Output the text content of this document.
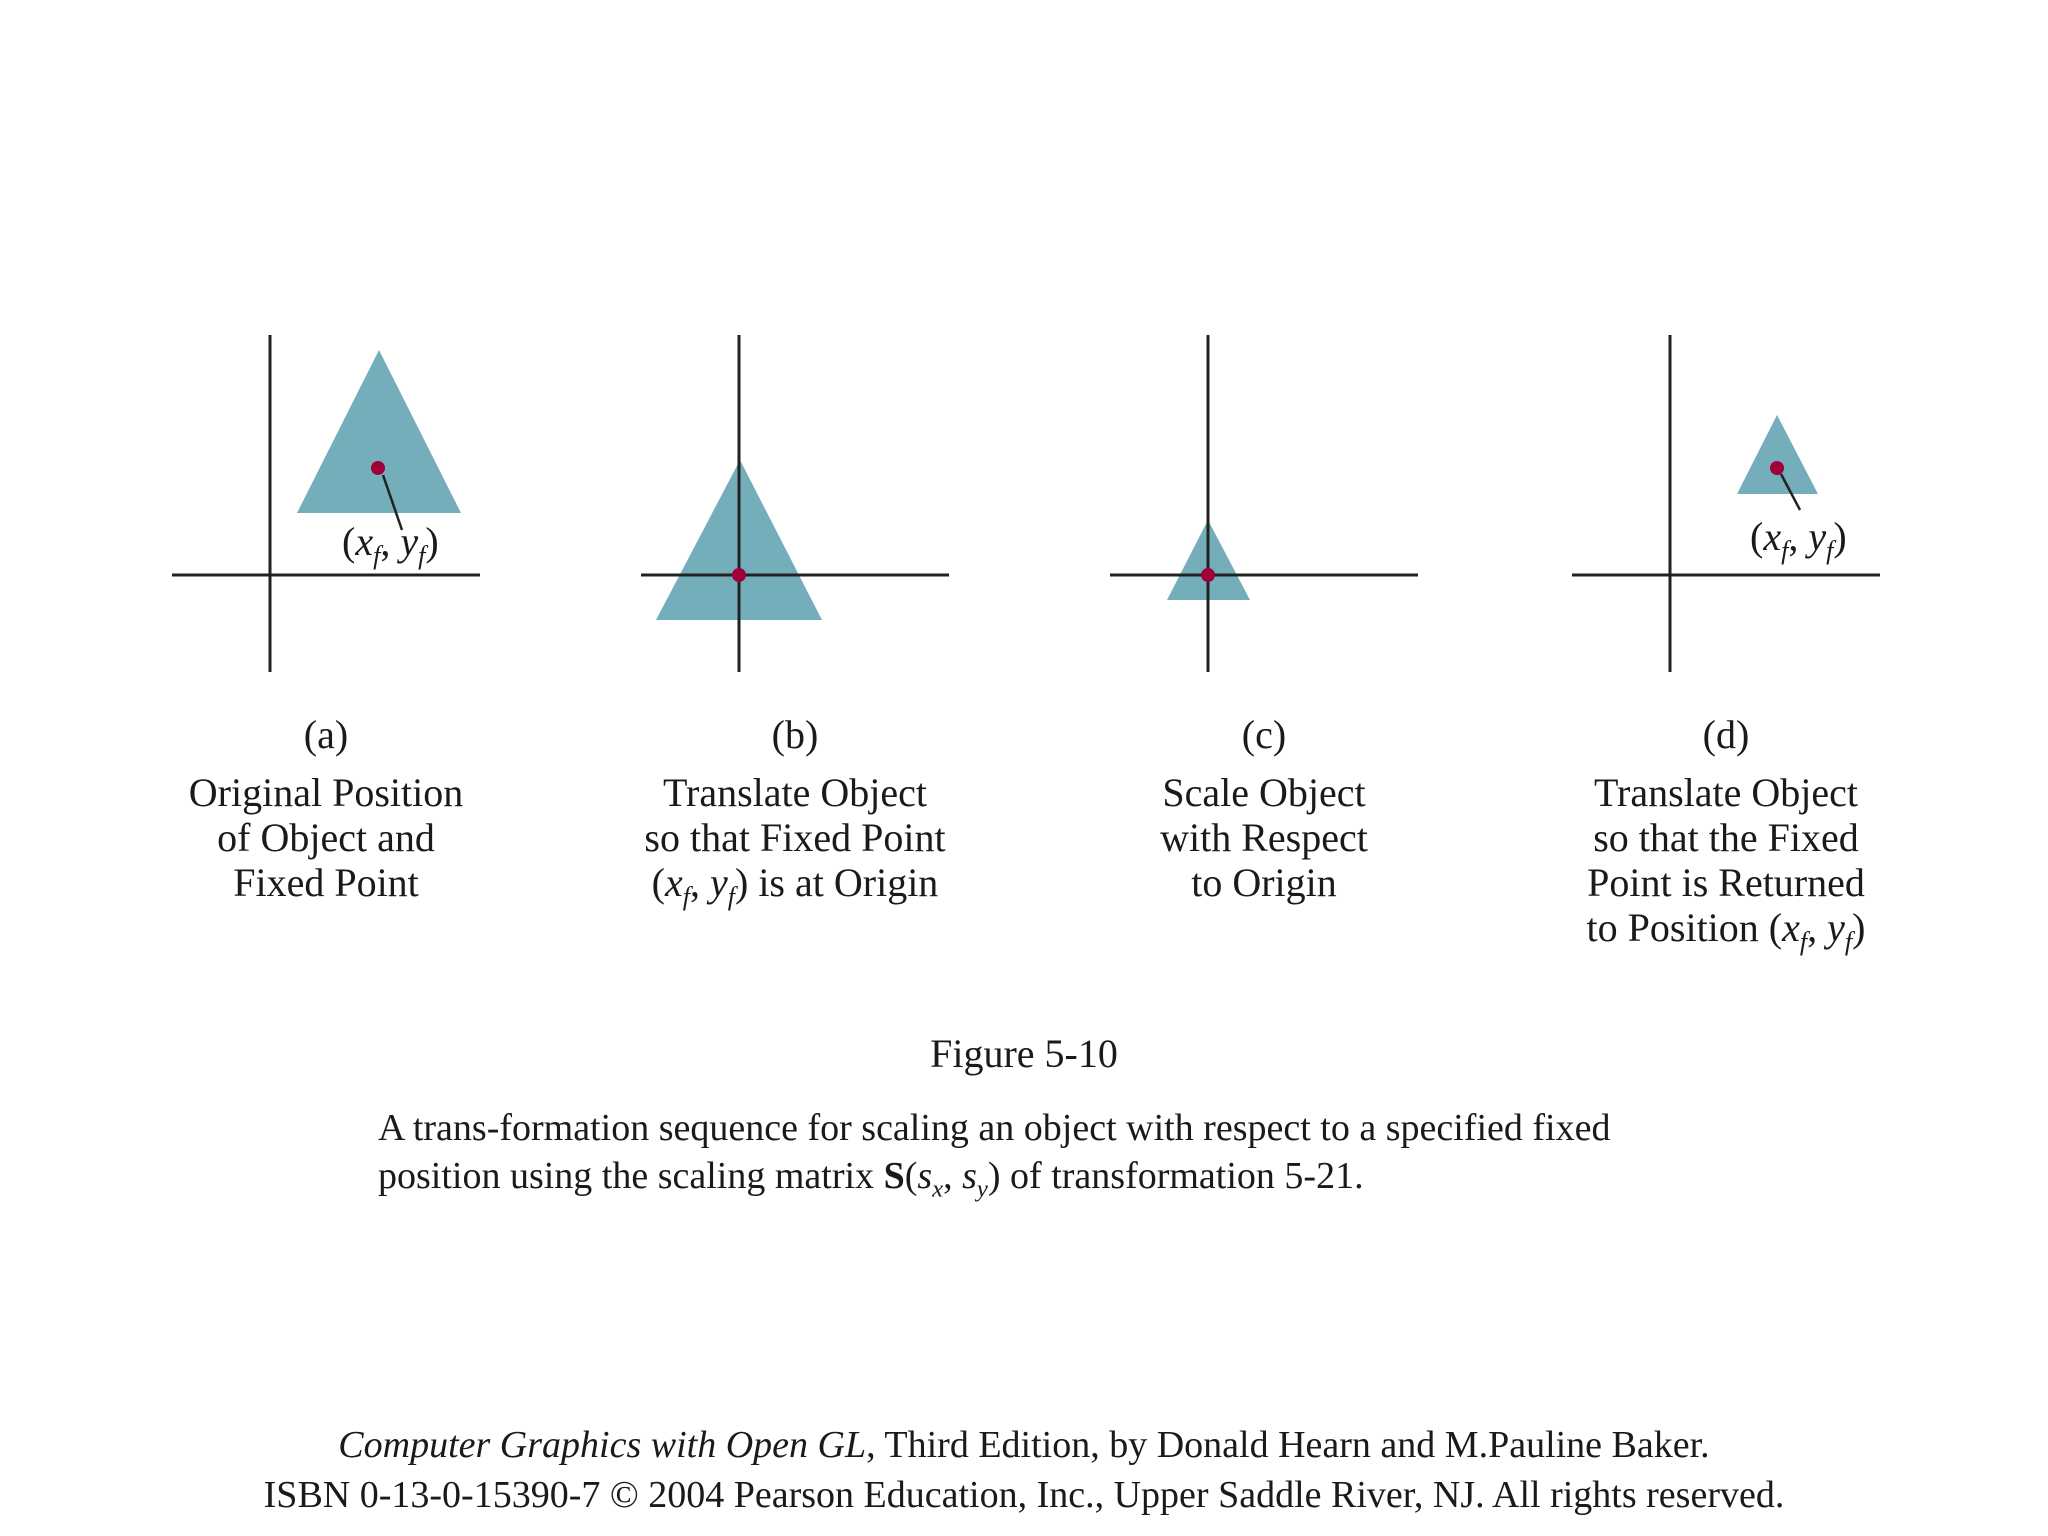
($x_f$, $y_f$)	($x_f$, $y_f$)
(a)	(b)	(c)	(d)
Original Position
of Object and
Fixed Point
Translate Object
so that Fixed Point
($x_f$, $y_f$) is at Origin
Scale Object
with Respect
to Origin
Translate Object
so that the Fixed
Point is Returned
to Position ($x_f$, $y_f$)
Figure 5-10
A trans-formation sequence for scaling an object with respect to a specified fixed
position using the scaling matrix $S(s_x$, $s_y$) of transformation 5-21.
Computer Graphics with Open GL, Third Edition, by Donald Hearn and M.Pauline Baker.
ISBN 0-13-0-15390-7 © 2004 Pearson Education, Inc., Upper Saddle River, NJ. All rights reserved.
